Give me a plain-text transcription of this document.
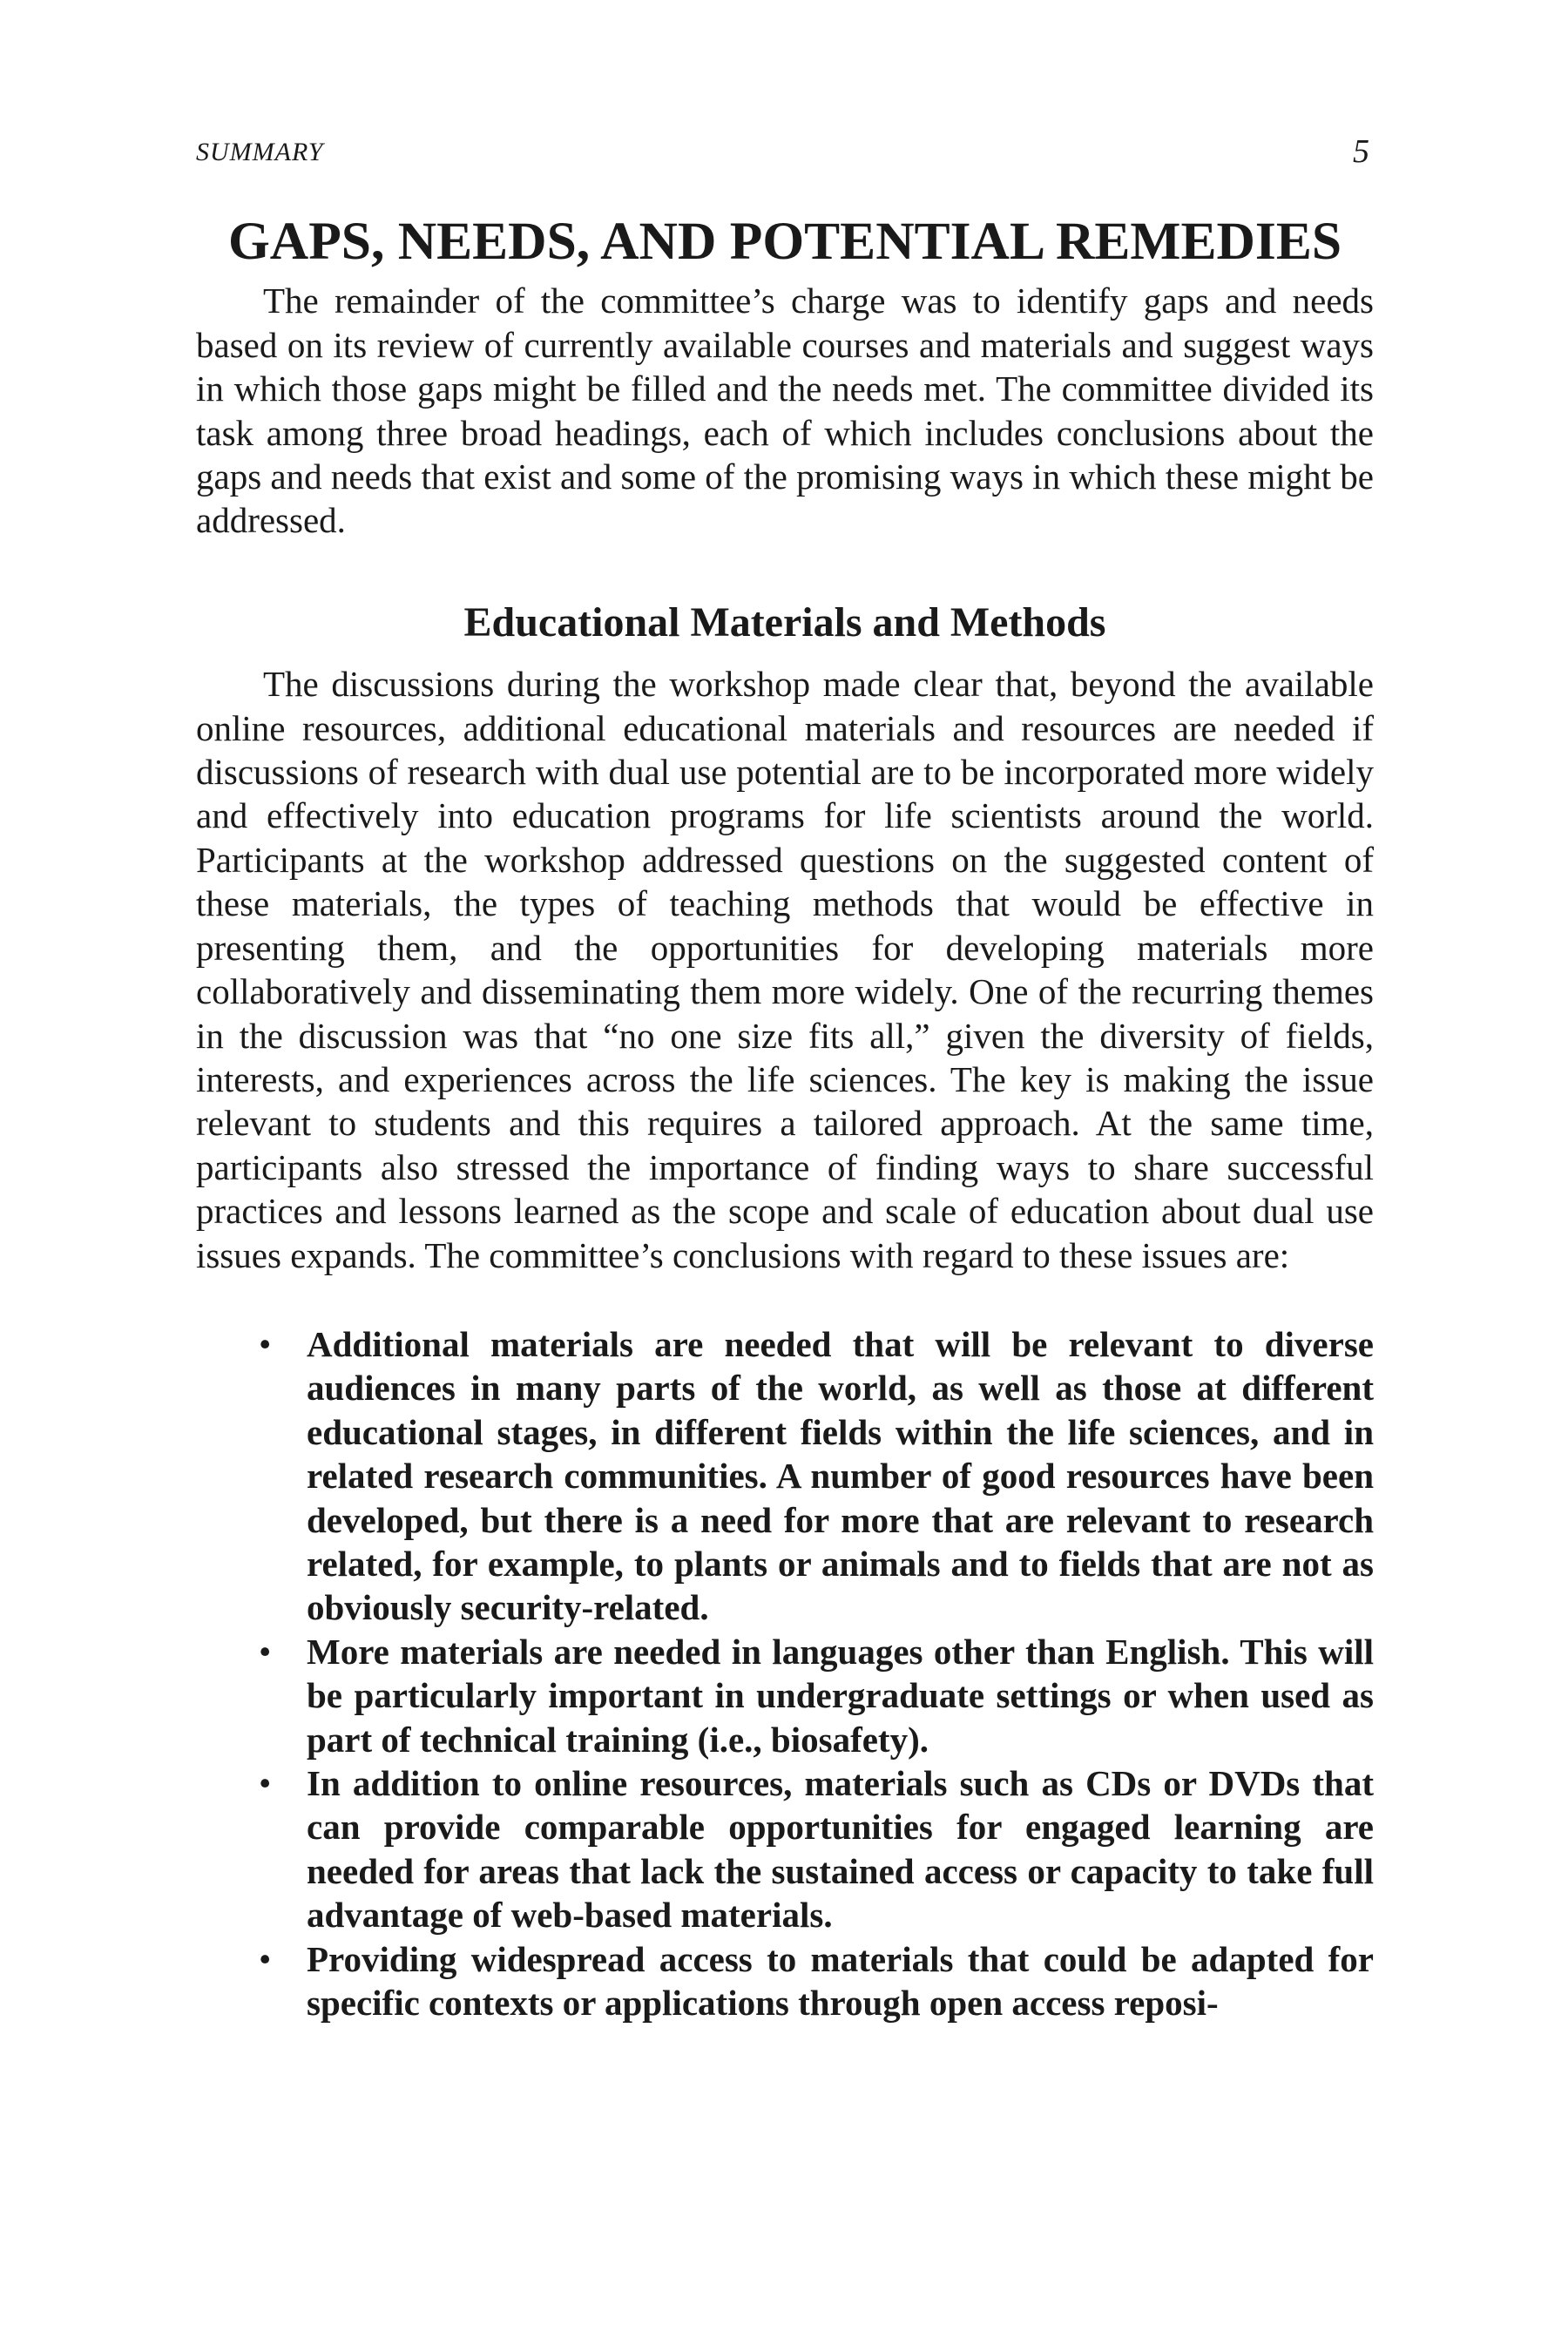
SUMMARY	5
GAPS, NEEDS, AND POTENTIAL REMEDIES

The remainder of the committee’s charge was to identify gaps and needs based on its review of currently available courses and materials and suggest ways in which those gaps might be filled and the needs met. The committee divided its task among three broad headings, each of which includes conclusions about the gaps and needs that exist and some of the promising ways in which these might be addressed.

Educational Materials and Methods

The discussions during the workshop made clear that, beyond the available online resources, additional educational materials and resources are needed if discussions of research with dual use potential are to be incorporated more widely and effectively into education programs for life scientists around the world. Participants at the workshop addressed questions on the suggested content of these materials, the types of teaching methods that would be effective in presenting them, and the opportunities for developing materials more collaboratively and disseminating them more widely. One of the recurring themes in the discussion was that “no one size fits all,” given the diversity of fields, interests, and experiences across the life sciences. The key is making the issue relevant to students and this requires a tailored approach. At the same time, participants also stressed the importance of finding ways to share successful practices and lessons learned as the scope and scale of education about dual use issues expands. The committee’s conclusions with regard to these issues are:

• Additional materials are needed that will be relevant to diverse audiences in many parts of the world, as well as those at different educational stages, in different fields within the life sciences, and in related research communities. A number of good resources have been developed, but there is a need for more that are relevant to research related, for example, to plants or animals and to fields that are not as obviously security-related.
• More materials are needed in languages other than English. This will be particularly important in undergraduate settings or when used as part of technical training (i.e., biosafety).
• In addition to online resources, materials such as CDs or DVDs that can provide comparable opportunities for engaged learning are needed for areas that lack the sustained access or capacity to take full advantage of web-based materials.
• Providing widespread access to materials that could be adapted for specific contexts or applications through open access reposi-
